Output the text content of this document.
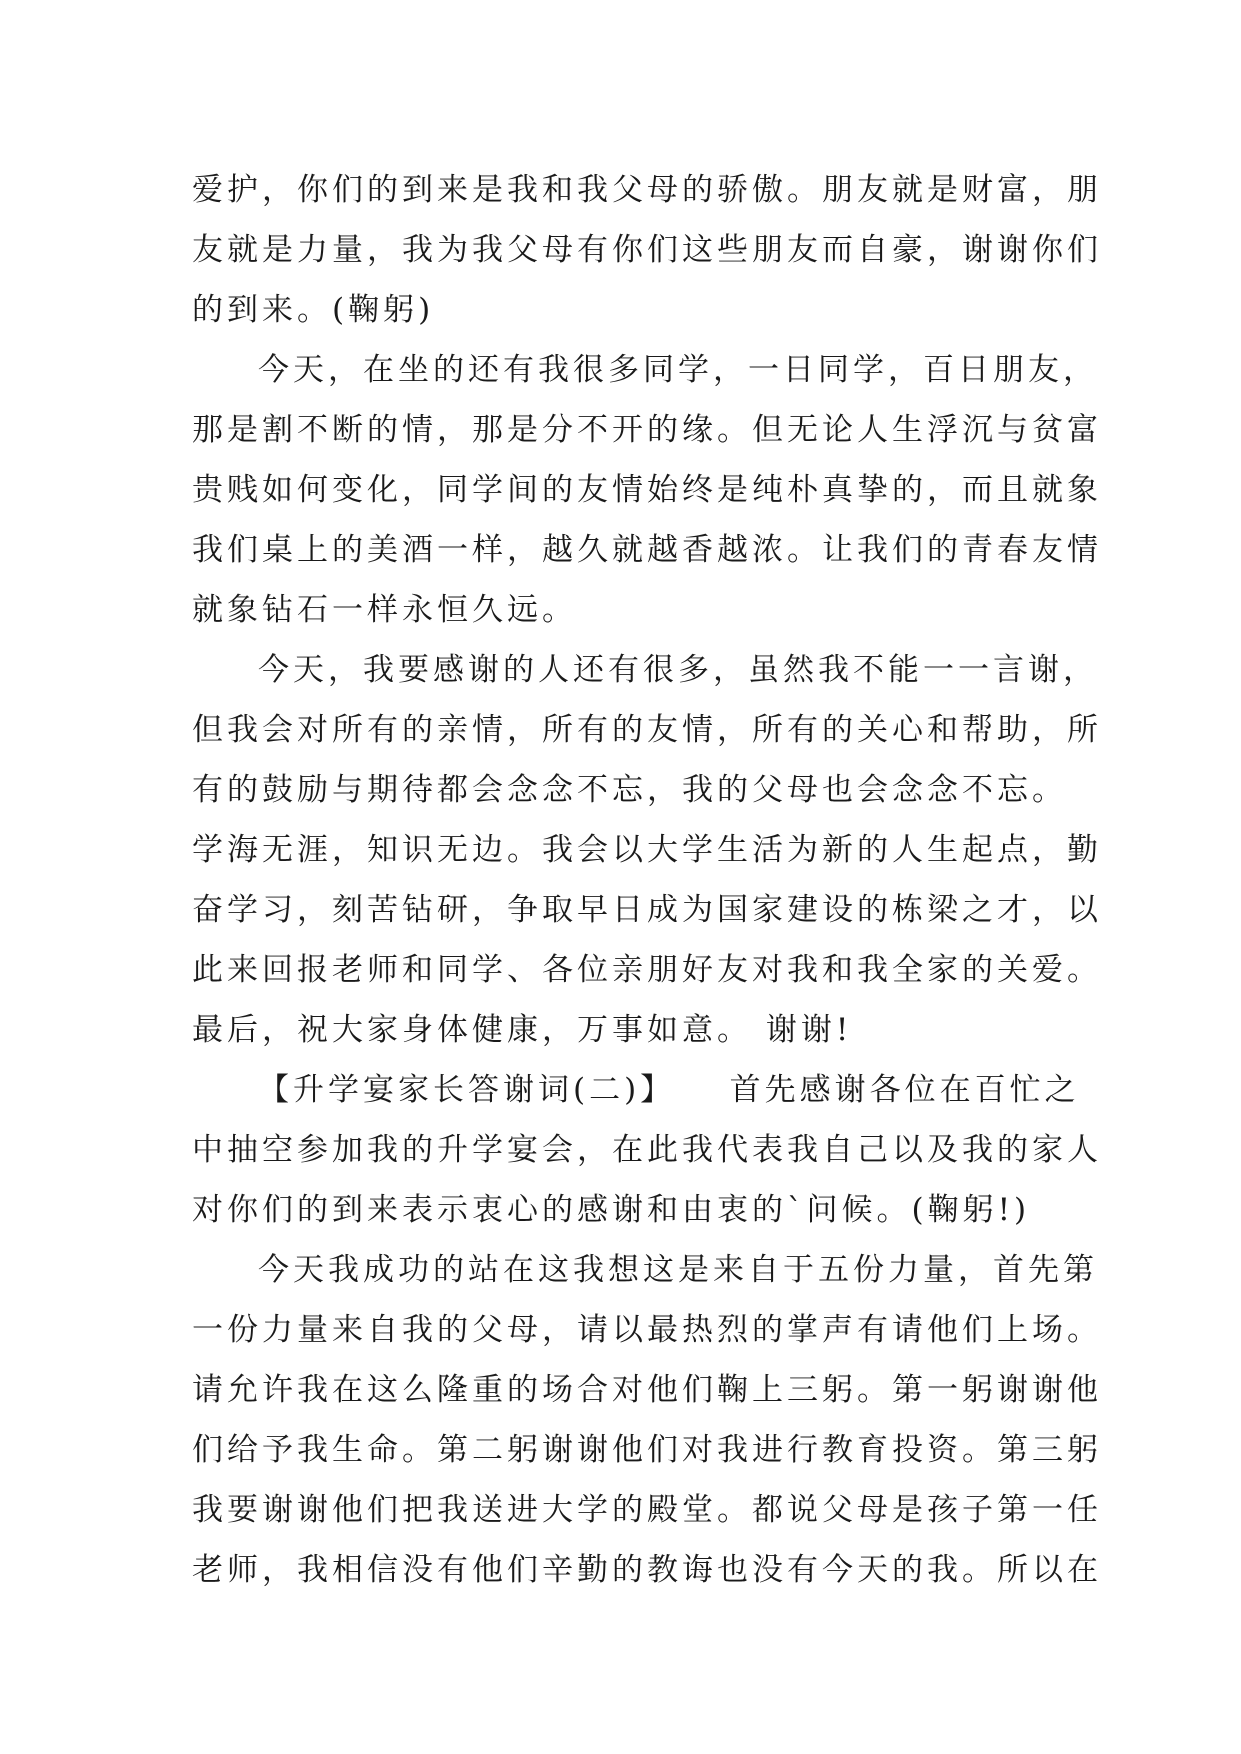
爱护，你们的到来是我和我父母的骄傲。朋友就是财富，朋
友就是力量，我为我父母有你们这些朋友而自豪，谢谢你们
的到来。(鞠躬)
今天，在坐的还有我很多同学，一日同学，百日朋友，
那是割不断的情，那是分不开的缘。但无论人生浮沉与贫富
贵贱如何变化，同学间的友情始终是纯朴真挚的，而且就象
我们桌上的美酒一样，越久就越香越浓。让我们的青春友情
就象钻石一样永恒久远。
今天，我要感谢的人还有很多，虽然我不能一一言谢，
但我会对所有的亲情，所有的友情，所有的关心和帮助，所
有的鼓励与期待都会念念不忘，我的父母也会念念不忘。
学海无涯，知识无边。我会以大学生活为新的人生起点，勤
奋学习，刻苦钻研，争取早日成为国家建设的栋梁之才，以
此来回报老师和同学、各位亲朋好友对我和我全家的关爱。
最后，祝大家身体健康，万事如意。 谢谢!
【升学宴家长答谢词(二)】　　首先感谢各位在百忙之
中抽空参加我的升学宴会，在此我代表我自己以及我的家人
对你们的到来表示衷心的感谢和由衷的`问候。(鞠躬!)
今天我成功的站在这我想这是来自于五份力量，首先第
一份力量来自我的父母，请以最热烈的掌声有请他们上场。
请允许我在这么隆重的场合对他们鞠上三躬。第一躬谢谢他
们给予我生命。第二躬谢谢他们对我进行教育投资。第三躬
我要谢谢他们把我送进大学的殿堂。都说父母是孩子第一任
老师，我相信没有他们辛勤的教诲也没有今天的我。所以在
